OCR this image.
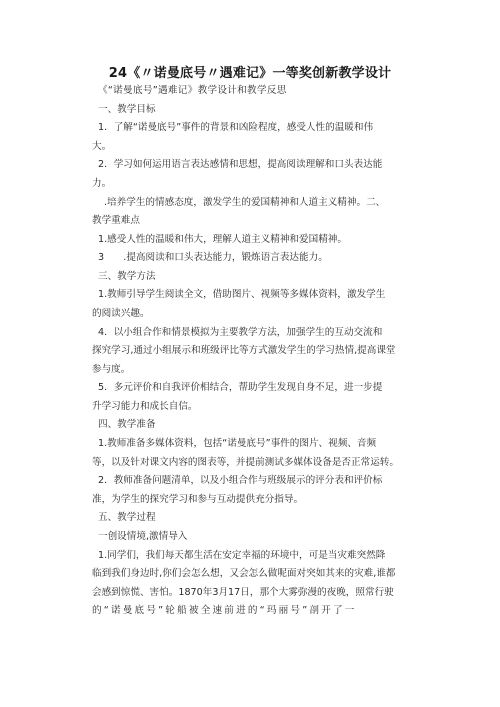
24《〃诺曼底号〃遇难记》一等奖创新教学设计
《“诺曼底号”遇难记》教学设计和教学反思
一、教学目标
1．了解“诺曼底号”事件的背景和凶险程度，感受人性的温暖和伟
大。
2．学习如何运用语言表达感情和思想，提高阅读理解和口头表达能
力。
.培养学生的情感态度，激发学生的爱国精神和人道主义精神。二、
教学重难点
1.感受人性的温暖和伟大，理解人道主义精神和爱国精神。
3　　.提高阅读和口头表达能力，锻炼语言表达能力。
三、教学方法
1.教师引导学生阅读全文，借助图片、视频等多媒体资料，激发学生
的阅读兴趣。
4．以小组合作和情景模拟为主要教学方法，加强学生的互动交流和
探究学习,通过小组展示和班级评比等方式激发学生的学习热情,提高课堂
参与度。
5．多元评价和自我评价相结合，帮助学生发现自身不足，进一步提
升学习能力和成长自信。
四、教学准备
1.教师准备多媒体资料，包括“诺曼底号”事件的图片、视频、音频
等，以及针对课文内容的图表等，并提前测试多媒体设备是否正常运转。
2．教师准备问题清单，以及小组合作与班级展示的评分表和评价标
准，为学生的探究学习和参与互动提供充分指导。
五、教学过程
一创设情境,激情导入
1.同学们，我们每天都生活在安定幸福的环境中，可是当灾难突然降
临到我们身边时,你们会怎么想，又会怎么做呢面对突如其来的灾难,谁都
会感到惊慌、害怕。1870年3月17日，那个大雾弥漫的夜晚，照常行驶
的“诺曼底号”轮船被全速前进的“玛丽号”剖开了一
